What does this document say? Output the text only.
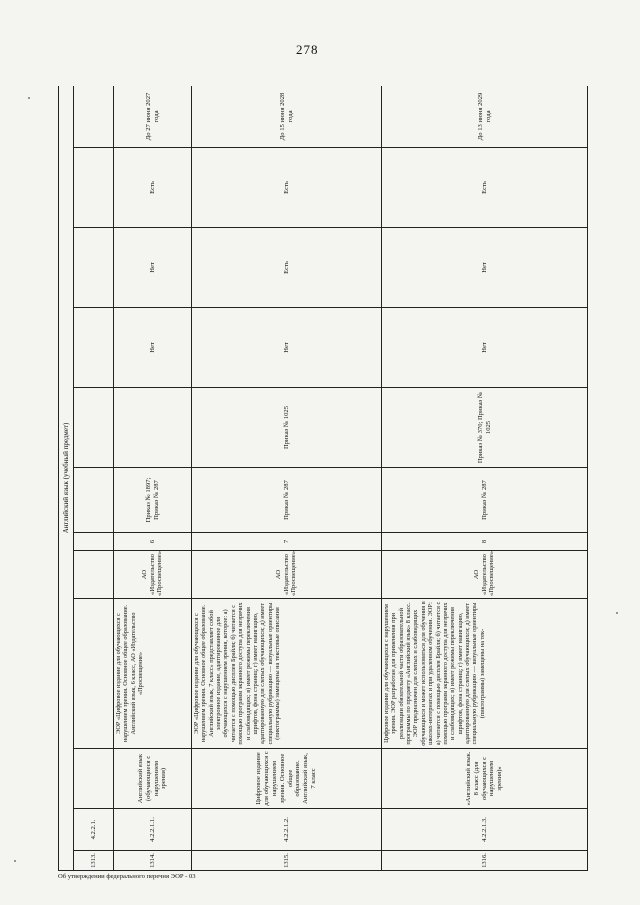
278
Английский язык (учебный предмет)											
1313.	4.2.2.1.										
1314.	4.2.2.1.1.	Английский язык (обучающиеся с нарушением зрения)	ЭОР «Цифровое издание для обучающихся с нарушением зрения. Основное общее образование. Английский язык, 6 класс, АО «Издательство «Просвещение»	АО «Издательство «Просвещение»	6	Приказ № 1897; Приказ № 287		Нет	Нет	Есть	До 27 июня 2027 года
1315.	4.2.2.1.2.	Цифровое издание для обучающихся с нарушением зрения. Основное общее образование. Английский язык, 7 класс	ЭОР «Цифровое издание для обучающихся с нарушением зрения. Основное общее образование. Английский язык, 7 класс» представляет собой электронное издание, адаптированное для обучающихся с нарушением зрения, которое: а) читается с помощью дисплея Брайля; б) читается с помощью программ экранного доступа для незрячих и слабовидящих; в) имеет режимы переключения шрифтов, фона страниц; г) имеет навигацию, адаптированную для слепых обучающихся; д) имеет специальную рубрикацию — визуальные ориентиры (пиктограммы) замещены на текстовые описания	АО «Издательство «Просвещение»	7	Приказ № 287	Приказ № 1025	Нет	Есть	Есть	До 15 июня 2028 года
1316.	4.2.2.1.3.	«Английский язык. 8 класс (для обучающихся с нарушением зрения)»	Цифровое издание для обучающихся с нарушением зрения. ЭОР разработан для применения при реализации обязательной части образовательной программы по предмету «Английский язык» 8 класс. ЭОР предназначен для слепых и слабовидящих обучающихся и может использоваться для обучения в школах-интернатах и при удаленном обучении. ЭОР: а) читается с помощью дисплея Брайля; б) читается с помощью программ экранного доступа для незрячих и слабовидящих; в) имеет режимы переключения шрифтов, фона страниц; г) имеет навигацию, адаптированную для слепых обучающихся; д) имеет специальную рубрикацию — визуальные ориентиры (пиктограммы) замещены на тек-	АО «Издательство «Просвещение»	8	Приказ № 287	Приказ № 370; Приказ № 1025	Нет	Нет	Есть	До 13 июня 2029 года
Об утверждении федерального перечня ЭОР - 03
